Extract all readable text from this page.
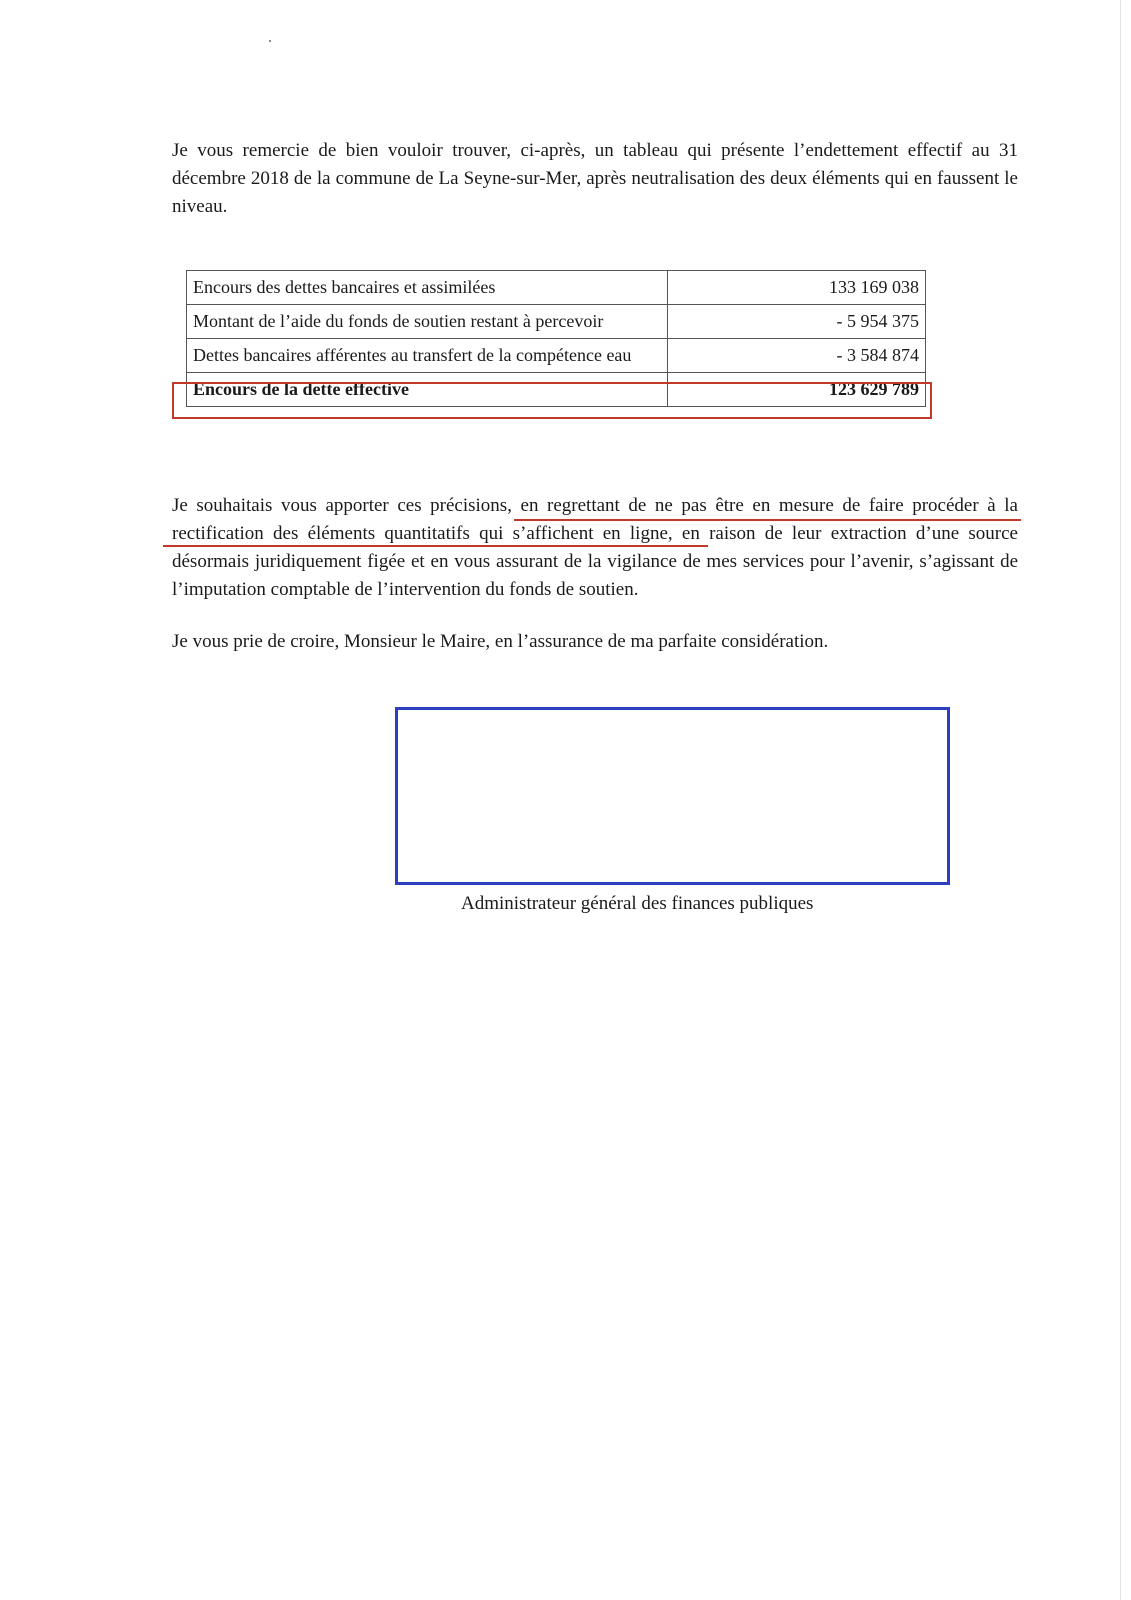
Je vous remercie de bien vouloir trouver, ci-après, un tableau qui présente l’endettement effectif au 31 décembre 2018 de la commune de La Seyne-sur-Mer, après neutralisation des deux éléments qui en faussent le niveau.

Encours des dettes bancaires et assimilées	133 169 038
Montant de l’aide du fonds de soutien restant à percevoir	- 5 954 375
Dettes bancaires afférentes au transfert de la compétence eau	- 3 584 874
Encours de la dette effective	123 629 789

Je souhaitais vous apporter ces précisions, en regrettant de ne pas être en mesure de faire procéder à la rectification des éléments quantitatifs qui s’affichent en ligne, en raison de leur extraction d’une source désormais juridiquement figée et en vous assurant de la vigilance de mes services pour l’avenir, s’agissant de l’imputation comptable de l’intervention du fonds de soutien.

Je vous prie de croire, Monsieur le Maire, en l’assurance de ma parfaite considération.

Administrateur général des finances publiques
